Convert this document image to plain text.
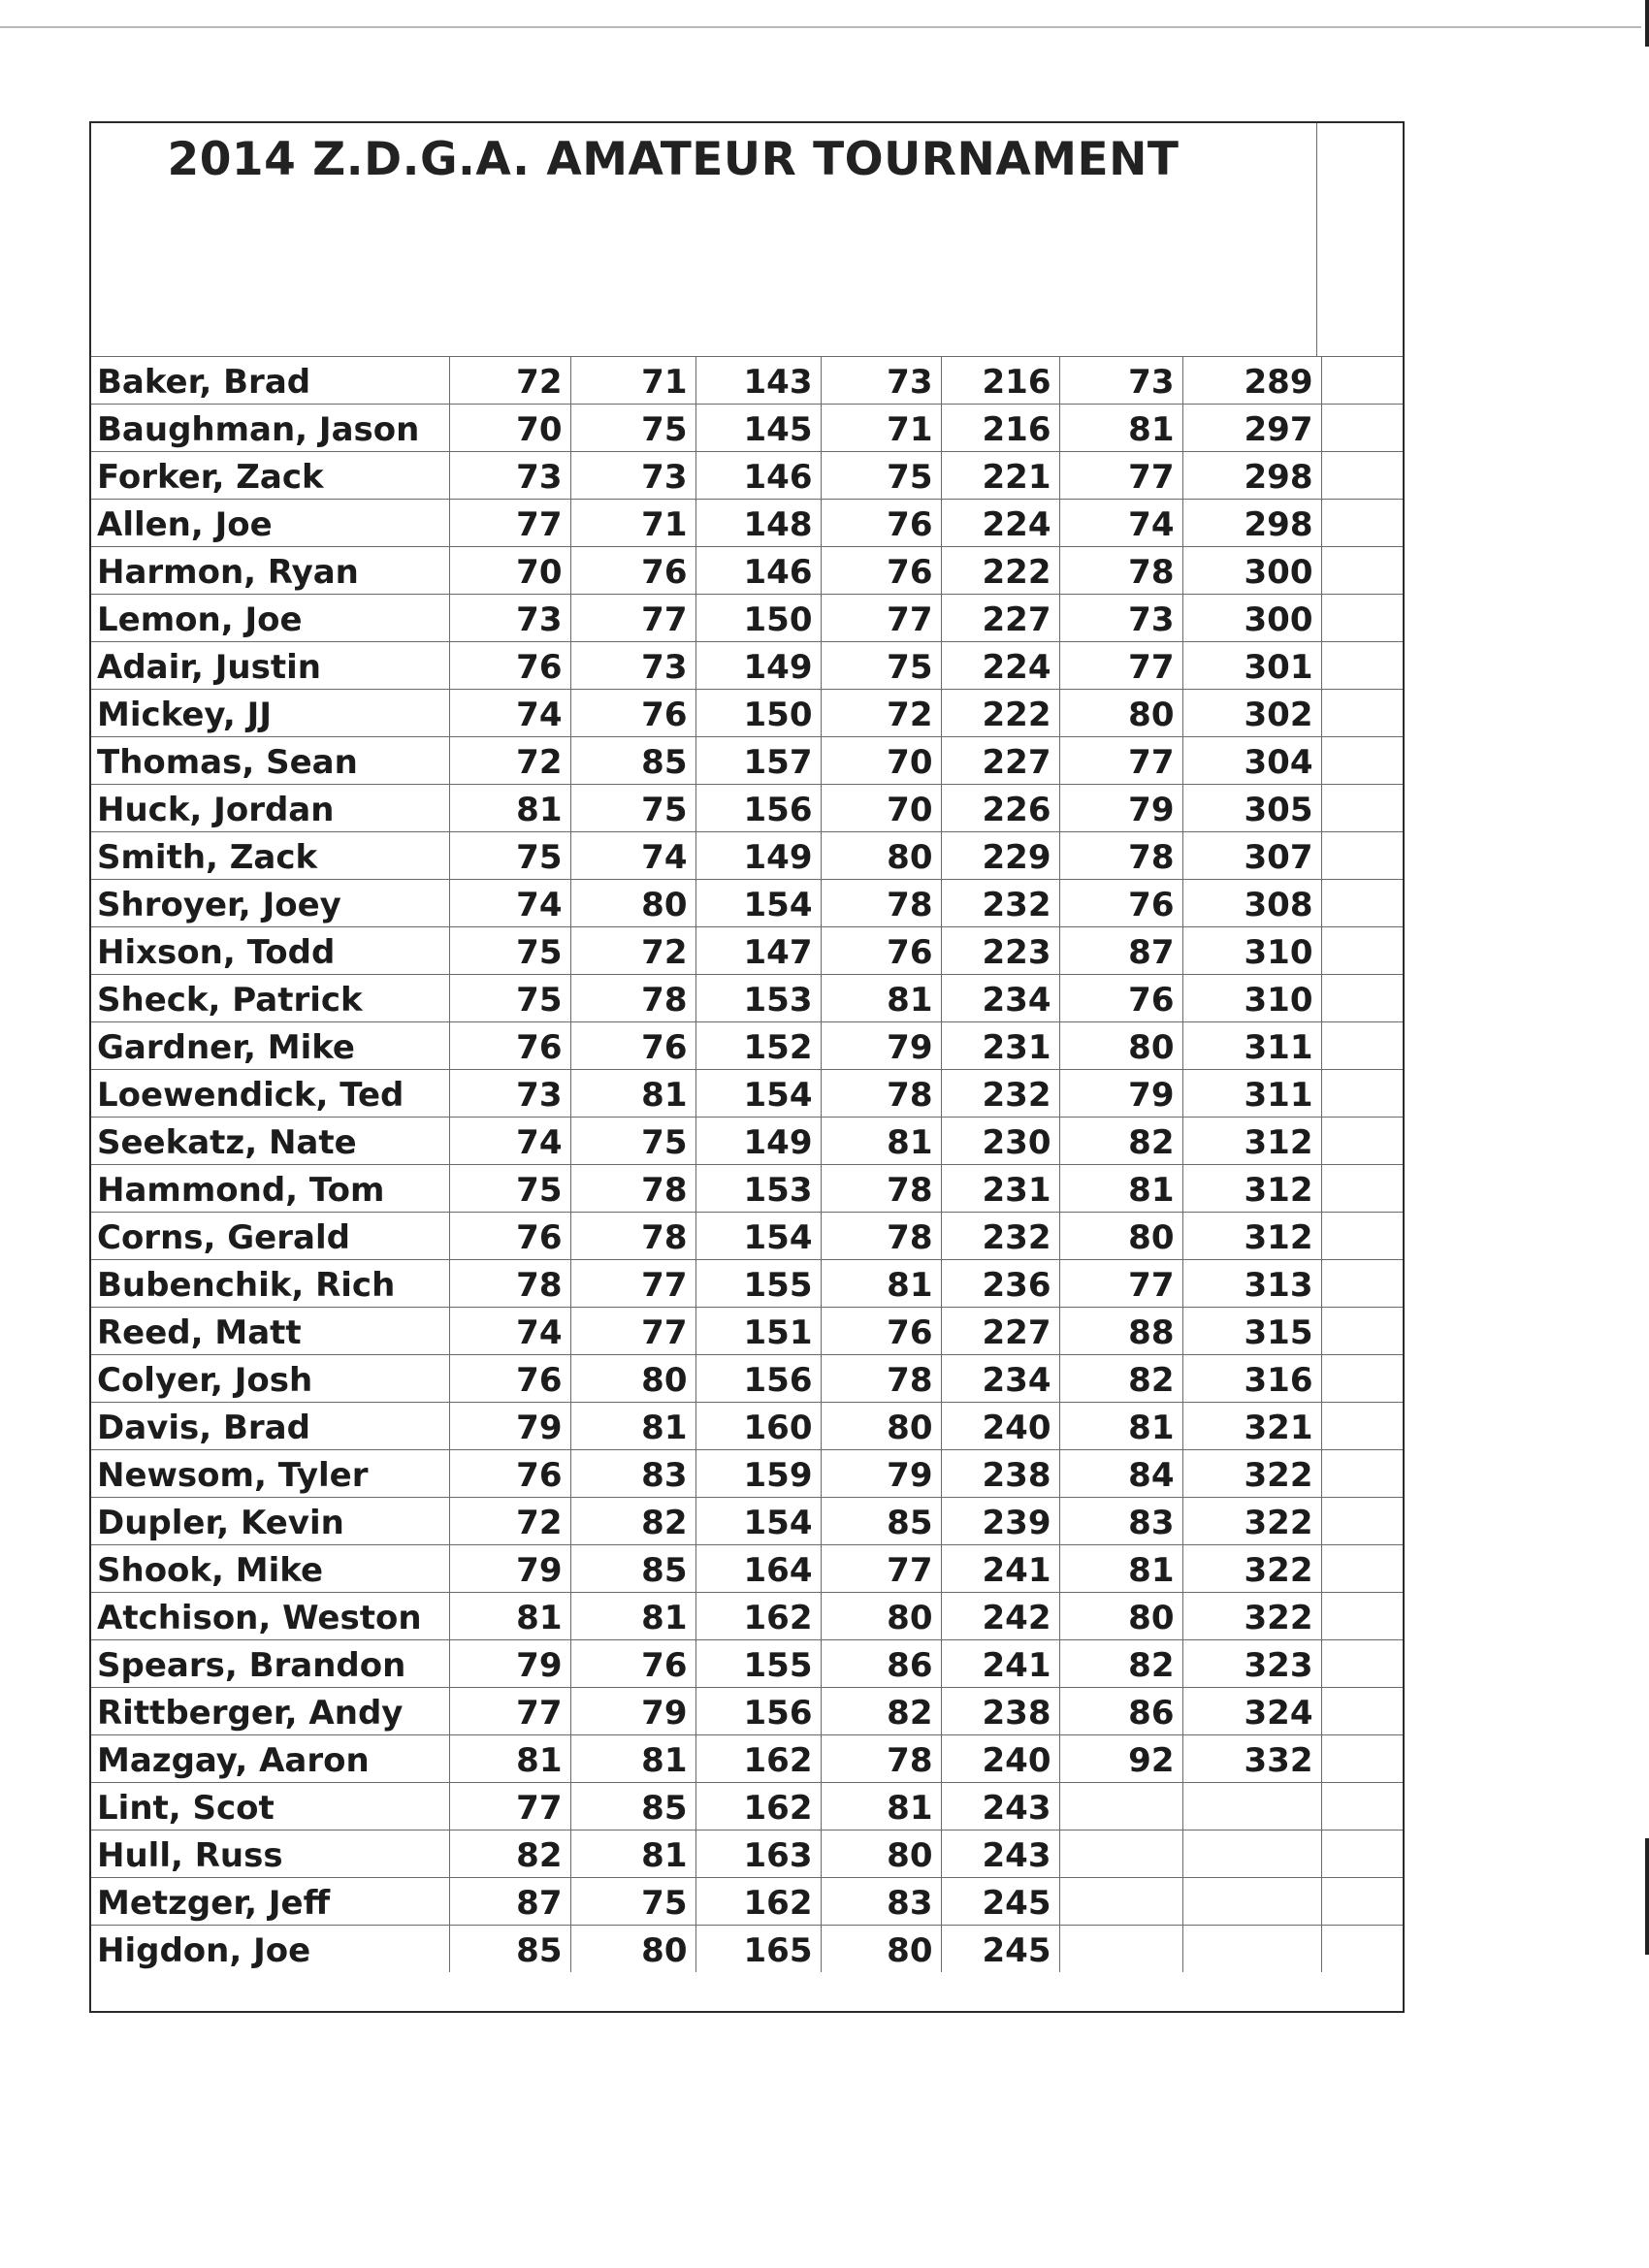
2014 Z.D.G.A. AMATEUR TOURNAMENT
Baker, Brad	72	71	143	73	216	73	289	
Baughman, Jason	70	75	145	71	216	81	297	
Forker, Zack	73	73	146	75	221	77	298	
Allen, Joe	77	71	148	76	224	74	298	
Harmon, Ryan	70	76	146	76	222	78	300	
Lemon, Joe	73	77	150	77	227	73	300	
Adair, Justin	76	73	149	75	224	77	301	
Mickey, JJ	74	76	150	72	222	80	302	
Thomas, Sean	72	85	157	70	227	77	304	
Huck, Jordan	81	75	156	70	226	79	305	
Smith, Zack	75	74	149	80	229	78	307	
Shroyer, Joey	74	80	154	78	232	76	308	
Hixson, Todd	75	72	147	76	223	87	310	
Sheck, Patrick	75	78	153	81	234	76	310	
Gardner, Mike	76	76	152	79	231	80	311	
Loewendick, Ted	73	81	154	78	232	79	311	
Seekatz, Nate	74	75	149	81	230	82	312	
Hammond, Tom	75	78	153	78	231	81	312	
Corns, Gerald	76	78	154	78	232	80	312	
Bubenchik, Rich	78	77	155	81	236	77	313	
Reed, Matt	74	77	151	76	227	88	315	
Colyer, Josh	76	80	156	78	234	82	316	
Davis, Brad	79	81	160	80	240	81	321	
Newsom, Tyler	76	83	159	79	238	84	322	
Dupler, Kevin	72	82	154	85	239	83	322	
Shook, Mike	79	85	164	77	241	81	322	
Atchison, Weston	81	81	162	80	242	80	322	
Spears, Brandon	79	76	155	86	241	82	323	
Rittberger, Andy	77	79	156	82	238	86	324	
Mazgay, Aaron	81	81	162	78	240	92	332	
Lint, Scot	77	85	162	81	243			
Hull, Russ	82	81	163	80	243			
Metzger, Jeff	87	75	162	83	245			
Higdon, Joe	85	80	165	80	245			
